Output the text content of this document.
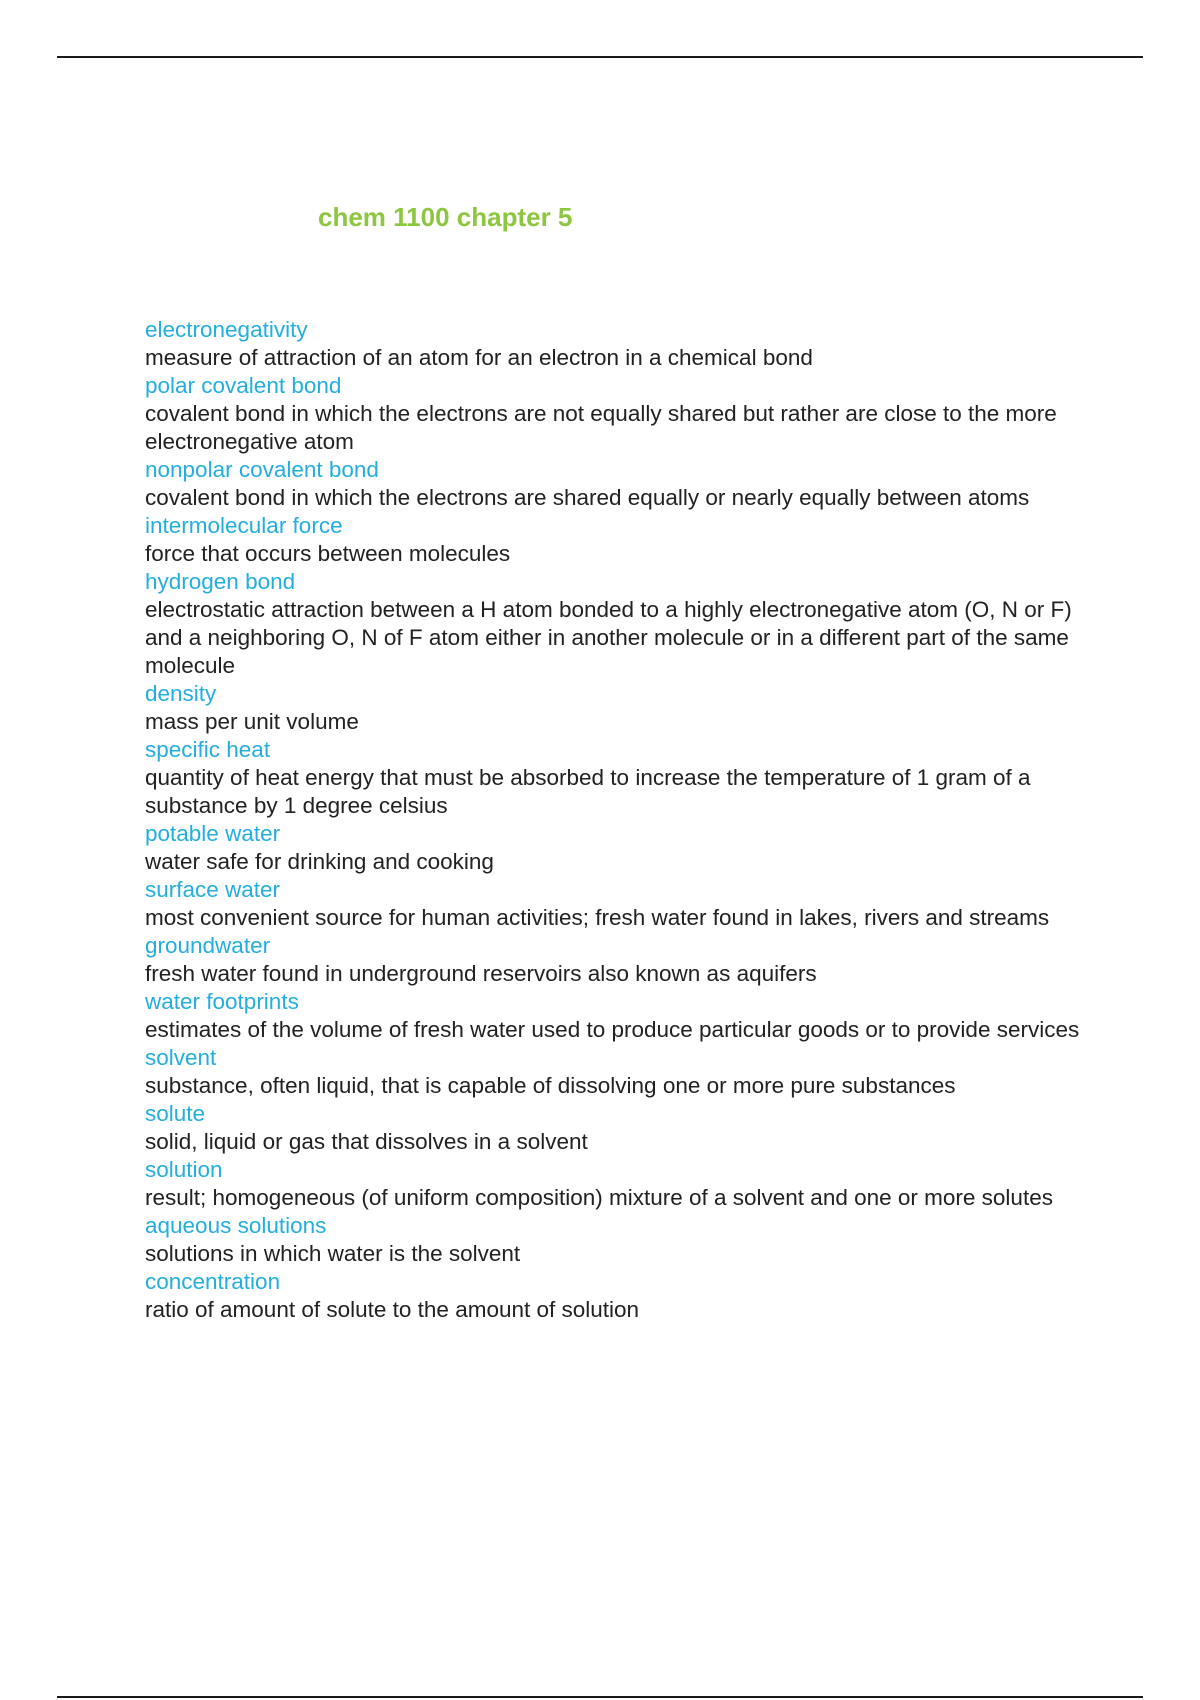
chem 1100 chapter 5
electronegativity
measure of attraction of an atom for an electron in a chemical bond
polar covalent bond
covalent bond in which the electrons are not equally shared but rather are close to the more electronegative atom
nonpolar covalent bond
covalent bond in which the electrons are shared equally or nearly equally between atoms
intermolecular force
force that occurs between molecules
hydrogen bond
electrostatic attraction between a H atom bonded to a highly electronegative atom (O, N or F) and a neighboring O, N of F atom either in another molecule or in a different part of the same molecule
density
mass per unit volume
specific heat
quantity of heat energy that must be absorbed to increase the temperature of 1 gram of a substance by 1 degree celsius
potable water
water safe for drinking and cooking
surface water
most convenient source for human activities; fresh water found in lakes, rivers and streams
groundwater
fresh water found in underground reservoirs also known as aquifers
water footprints
estimates of the volume of fresh water used to produce particular goods or to provide services
solvent
substance, often liquid, that is capable of dissolving one or more pure substances
solute
solid, liquid or gas that dissolves in a solvent
solution
result; homogeneous (of uniform composition) mixture of a solvent and one or more solutes
aqueous solutions
solutions in which water is the solvent
concentration
ratio of amount of solute to the amount of solution
